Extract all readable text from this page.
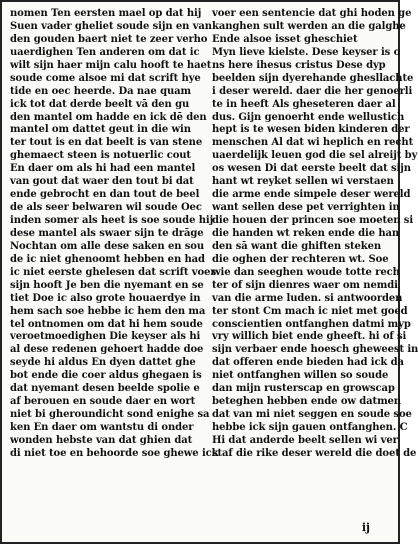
nomen Ten eersten mael op dat hij
Suen vader gheliet soude sijn en van
den gouden baert niet te zeer verho
uaerdighen Ten anderen om dat ic
wilt sijn haer mijn calu hooft te haet
soude come alsoe mi dat scrift hye
tide en oec heerde. Da nae quam
ick tot dat derde beelt vā den gu
den mantel om hadde en ick dē den
mantel om dattet geut in die win
ter tout is en dat beelt is van stene
ghemaect steen is notuerlic cout
En daer om als hi had een mantel
van gout dat waer den tout bi dat
ende gebrocht en dan tout de beel
de als seer belwaren wil soude Oec
inden somer als heet is soe soude hij
dese mantel als swaer sijn te drāge
Nochtan om alle dese saken en sou
de ic niet ghenoomt hebben en had
ic niet eerste ghelesen dat scrift voer
sijn hooft Je ben die nyemant en se
tiet Doe ic also grote houaerdye in
hem sach soe hebbe ic hem den ma
tel ontnomen om dat hi hem soude
veroetmoedighen Die keyser als hi
al dese redenen gehoert hadde doe
seyde hi aldus En dyen dattet ghe
bot ende die coer aldus ghegaen is
dat nyemant desen beelde spolie e
af berouen en soude daer en wort
niet bi gheroundicht sond enighe sa
ken En daer om wantstu di onder
wonden hebste van dat ghien dat
di niet toe en behoorde soe ghewe ick
voer een sentencie dat ghi hoden ge
kanghen sult werden an die galghe
Ende alsoe isset gheschiet
Myn lieve kielste. Dese keyser is o
ns here ihesus cristus Dese dyp
beelden sijn dyerehande ghesllachte
i deser wereld. daer die her genoerli
te in heeft Als gheseteren daer al
dus. Gijn genoerht ende wellustich
hept is te wesen biden kinderen der
menschen Al dat wi heplich en recht
uaerdelijk leuen god die sel alreijt by
os wesen Di dat eerste beelt dat sijn
hant wt reyket sellen wi verstaen
die arme ende simpele deser wereld
want sellen dese pet verrighten in
die houen der princen soe moeten si
die handen wt reken ende die han
den sā want die ghiften steken
die oghen der rechteren wt. Soe
wie dan seeghen woude totte rech
ter of sijn dienres waer om nemdi
van die arme luden. si antwoorden
ter stont Cm mach ic niet met goed
conscientien ontfanghen datmi myp
vry willich biet ende gheeft. hi of si
sijn verbaer ende hoesch gheweest in
dat offeren ende bieden had ick da
niet ontfanghen willen so soude
dan mijn rusterscap en growscap
beteghen hebben ende ow datmen
dat van mi niet seggen en soude soe
hebbe ick sijn gauen ontfanghen. C
Hi dat anderde beelt sellen wi ver
staf die rike deser wereld die doet de
ij
